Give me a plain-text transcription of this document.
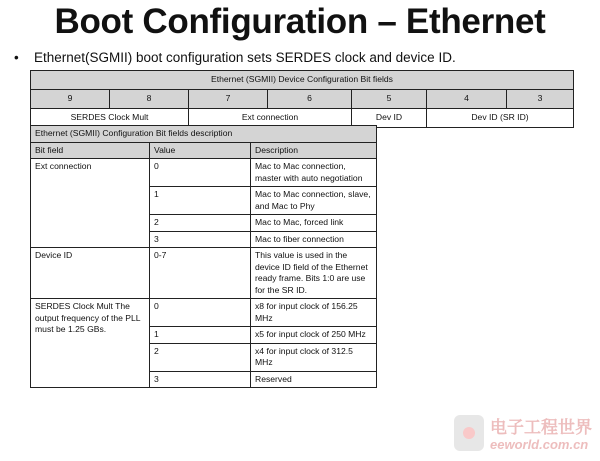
Boot Configuration – Ethernet
• Ethernet(SGMII) boot configuration sets SERDES clock and device ID.
Ethernet (SGMII) Device Configuration Bit fields						
9	8	7	6	5	4	3
SERDES Clock Mult		Ext connection		Dev ID	Dev ID (SR ID)	
Ethernet (SGMII) Configuration Bit fields description		
Bit field	Value	Description
Ext connection	0	Mac to Mac connection, master with auto negotiation
	1	Mac to Mac connection, slave, and Mac to Phy
	2	Mac to Mac, forced link
	3	Mac to fiber connection
Device ID	0-7	This value is used in the device ID field of the Ethernet ready frame. Bits 1:0 are use for the SR ID.
SERDES Clock Mult The output frequency of the PLL must be 1.25 GBs.	0	x8 for input clock of 156.25 MHz
	1	x5 for input clock of 250 MHz
	2	x4 for input clock of 312.5 MHz
	3	Reserved
电子工程世界
eeworld.com.cn
